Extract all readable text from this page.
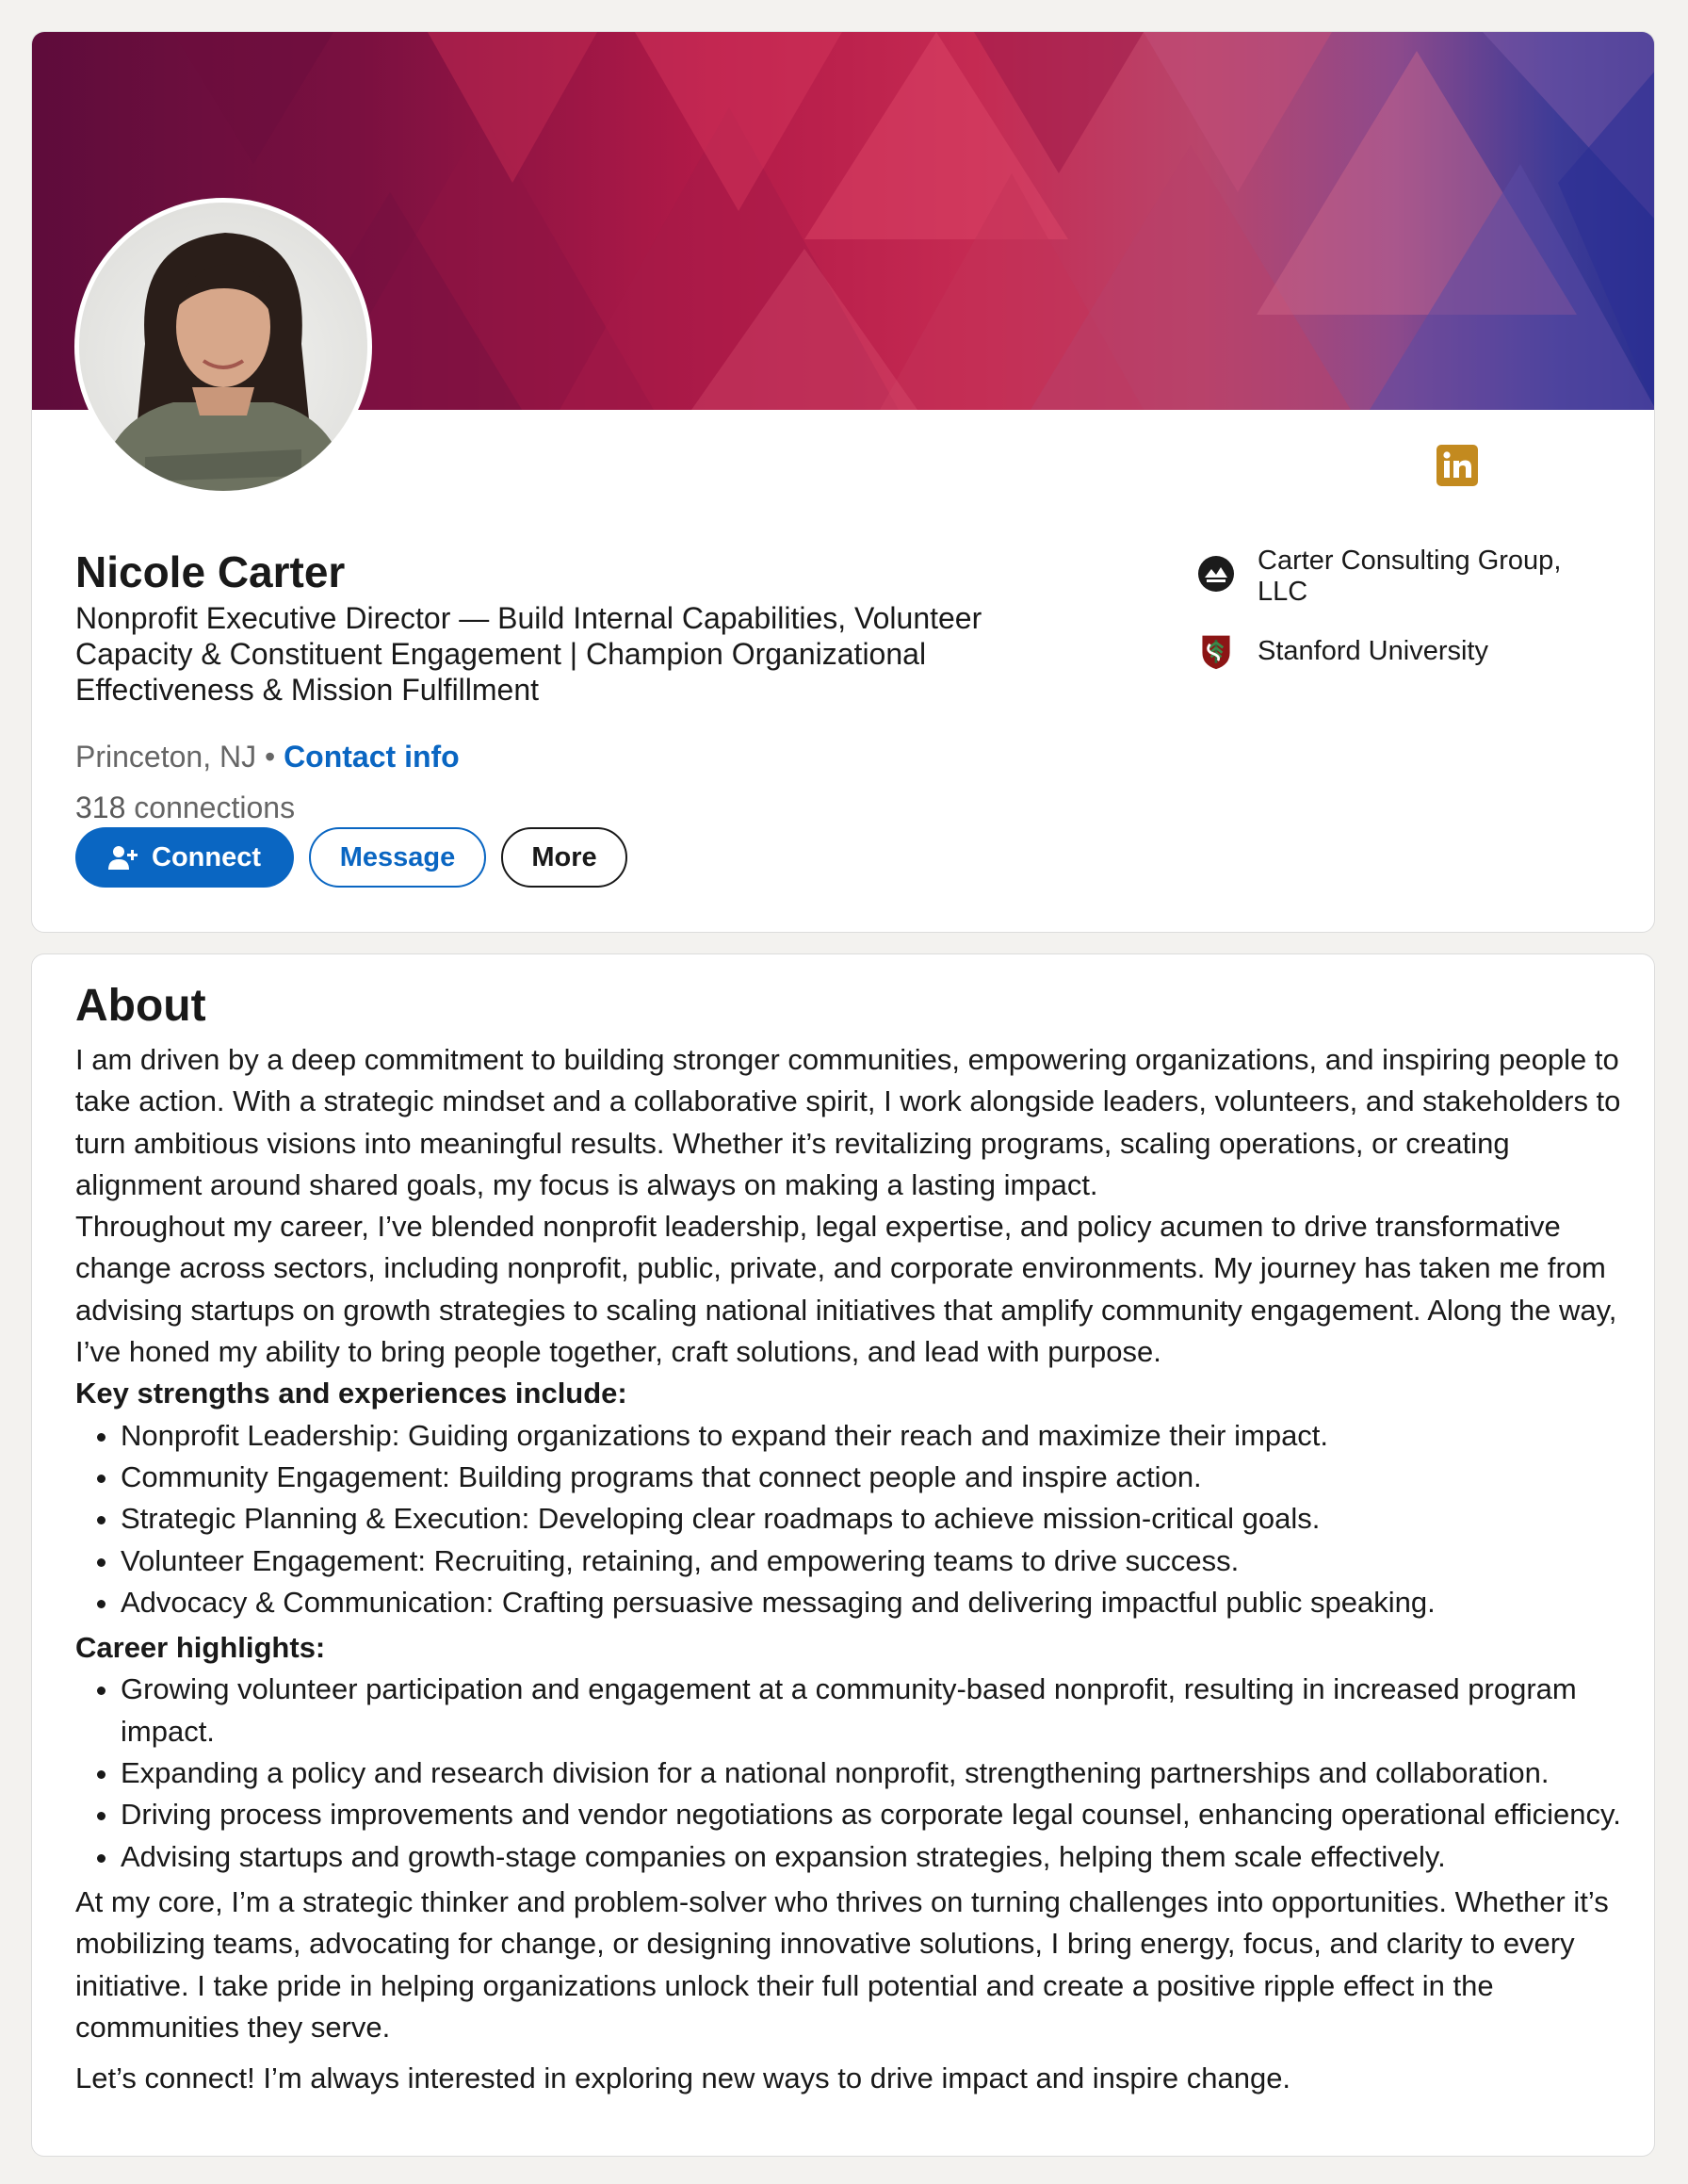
Nicole Carter
Nonprofit Executive Director — Build Internal Capabilities, Volunteer Capacity & Constituent Engagement | Champion Organizational Effectiveness & Mission Fulfillment
Princeton, NJ • Contact info
318 connections
Connect	Message	More
Carter Consulting Group, LLC
Stanford University
About

I am driven by a deep commitment to building stronger communities, empowering organizations, and inspiring people to take action. With a strategic mindset and a collaborative spirit, I work alongside leaders, volunteers, and stakeholders to turn ambitious visions into meaningful results. Whether it’s revitalizing programs, scaling operations, or creating alignment around shared goals, my focus is always on making a lasting impact.

Throughout my career, I’ve blended nonprofit leadership, legal expertise, and policy acumen to drive transformative change across sectors, including nonprofit, public, private, and corporate environments. My journey has taken me from advising startups on growth strategies to scaling national initiatives that amplify community engagement. Along the way, I’ve honed my ability to bring people together, craft solutions, and lead with purpose.

Key strengths and experiences include:

• Nonprofit Leadership: Guiding organizations to expand their reach and maximize their impact.
• Community Engagement: Building programs that connect people and inspire action.
• Strategic Planning & Execution: Developing clear roadmaps to achieve mission-critical goals.
• Volunteer Engagement: Recruiting, retaining, and empowering teams to drive success.
• Advocacy & Communication: Crafting persuasive messaging and delivering impactful public speaking.

Career highlights:

• Growing volunteer participation and engagement at a community-based nonprofit, resulting in increased program impact.
• Expanding a policy and research division for a national nonprofit, strengthening partnerships and collaboration.
• Driving process improvements and vendor negotiations as corporate legal counsel, enhancing operational efficiency.
• Advising startups and growth-stage companies on expansion strategies, helping them scale effectively.

At my core, I’m a strategic thinker and problem-solver who thrives on turning challenges into opportunities. Whether it’s mobilizing teams, advocating for change, or designing innovative solutions, I bring energy, focus, and clarity to every initiative. I take pride in helping organizations unlock their full potential and create a positive ripple effect in the communities they serve.

Let’s connect! I’m always interested in exploring new ways to drive impact and inspire change.
